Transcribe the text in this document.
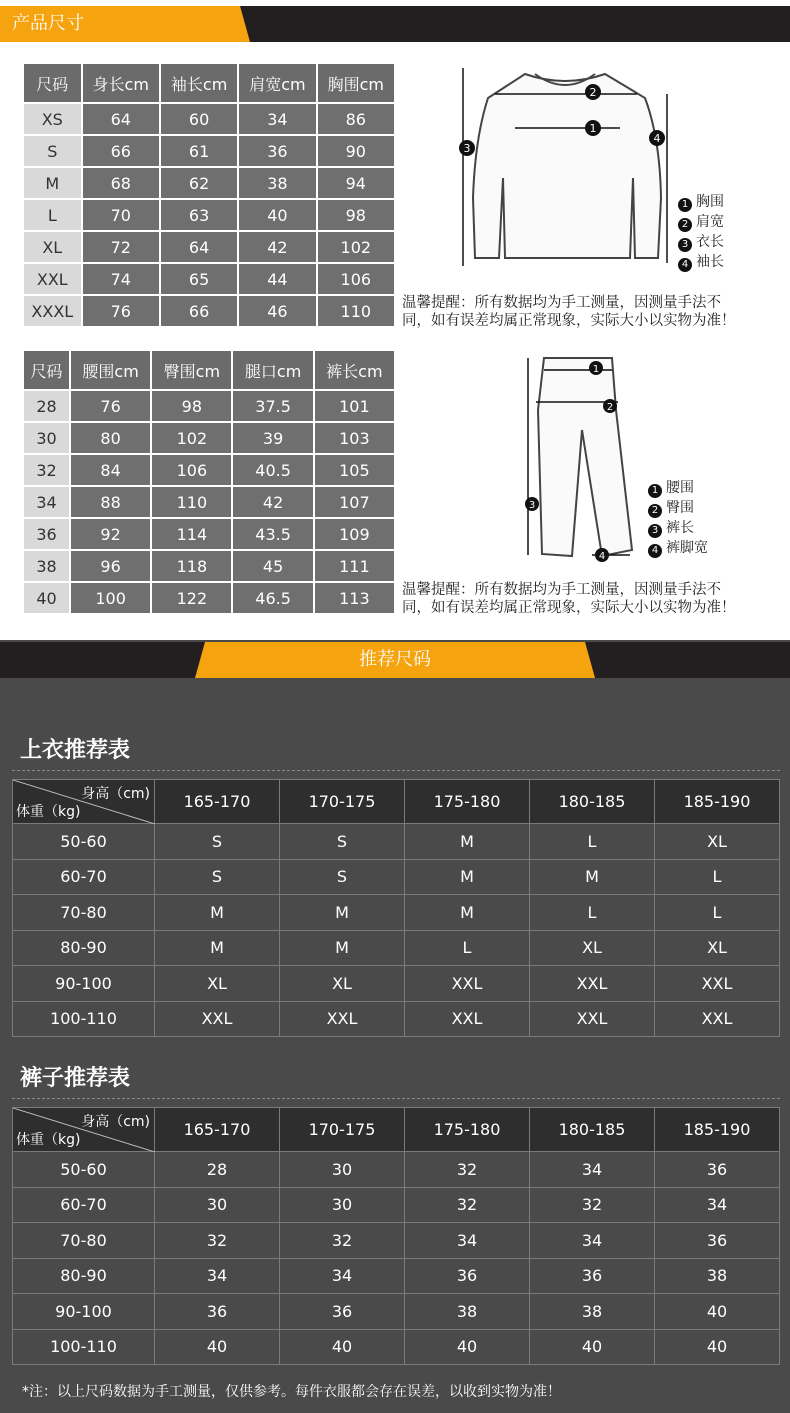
产品尺寸
尺码	身长cm	袖长cm	肩宽cm	胸围cm
XS	64	60	34	86
S	66	61	36	90
M	68	62	38	94
L	70	63	40	98
XL	72	64	42	102
XXL	74	65	44	106
XXXL	76	66	46	110
3
2
1
4
1 胸围
2 肩宽
3 衣长
4 袖长
温馨提醒：所有数据均为手工测量，因测量手法不
同，如有误差均属正常现象，实际大小以实物为准！
尺码	腰围cm	臀围cm	腿口cm	裤长cm
28	76	98	37.5	101
30	80	102	39	103
32	84	106	40.5	105
34	88	110	42	107
36	92	114	43.5	109
38	96	118	45	111
40	100	122	46.5	113
1
2
3
4
1 腰围
2 臀围
3 裤长
4 裤脚宽
温馨提醒：所有数据均为手工测量，因测量手法不
同，如有误差均属正常现象，实际大小以实物为准！
推荐尺码
上衣推荐表
身高（cm)
体重（kg)	165-170	170-175	175-180	180-185	185-190
50-60	S	S	M	L	XL
60-70	S	S	M	M	L
70-80	M	M	M	L	L
80-90	M	M	L	XL	XL
90-100	XL	XL	XXL	XXL	XXL
100-110	XXL	XXL	XXL	XXL	XXL
裤子推荐表
身高（cm)
体重（kg)	165-170	170-175	175-180	180-185	185-190
50-60	28	30	32	34	36
60-70	30	30	32	32	34
70-80	32	32	34	34	36
80-90	34	34	36	36	38
90-100	36	36	38	38	40
100-110	40	40	40	40	40
*注：以上尺码数据为手工测量，仅供参考。每件衣服都会存在误差，以收到实物为准！
